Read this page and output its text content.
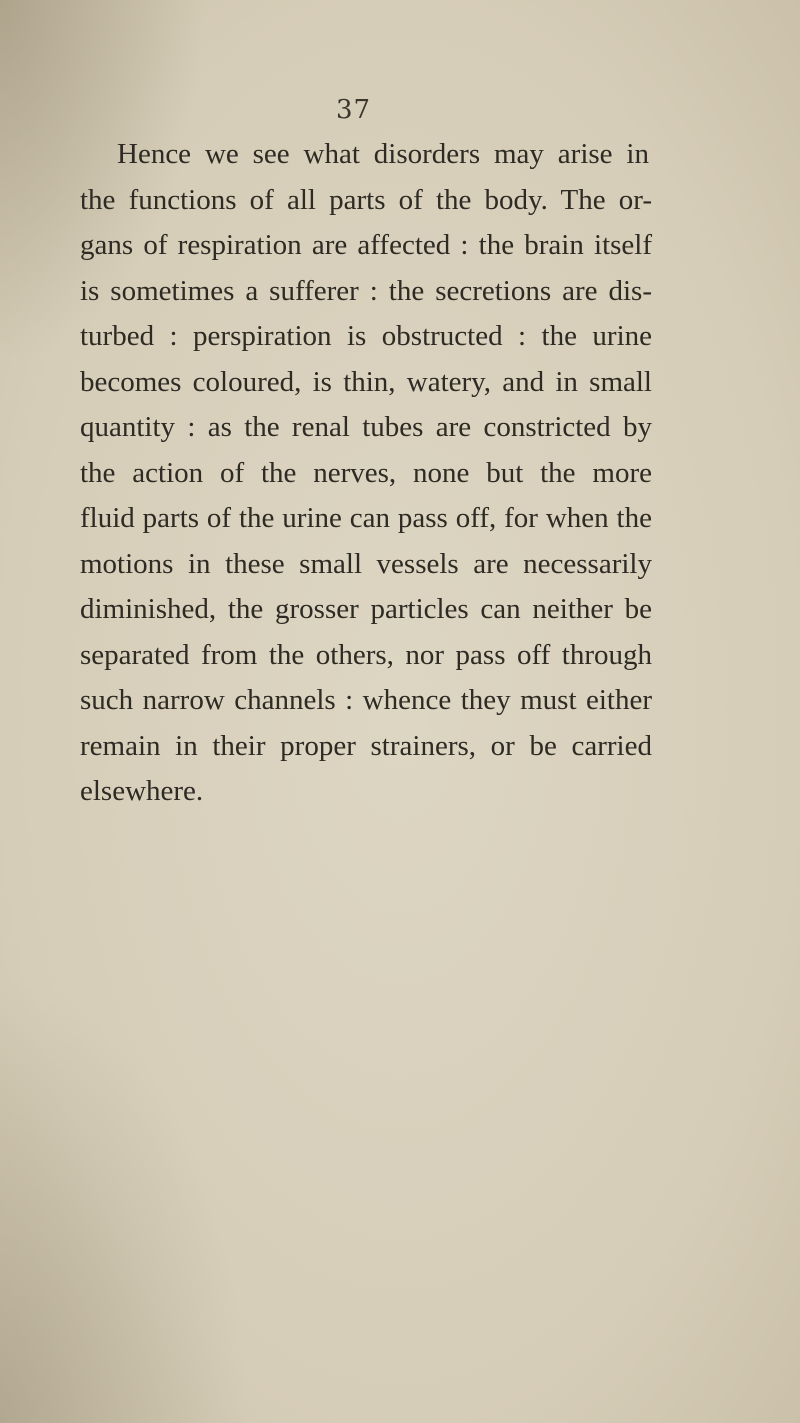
37
Hence we see what disorders may arise in
the functions of all parts of the body. The or-
gans of respiration are affected : the brain itself
is sometimes a sufferer : the secretions are dis-
turbed : perspiration is obstructed : the urine
becomes coloured, is thin, watery, and in small
quantity : as the renal tubes are constricted by
the action of the nerves, none but the more
fluid parts of the urine can pass off, for when the
motions in these small vessels are necessarily
diminished, the grosser particles can neither be
separated from the others, nor pass off through
such narrow channels : whence they must either
remain in their proper strainers, or be carried
elsewhere.
